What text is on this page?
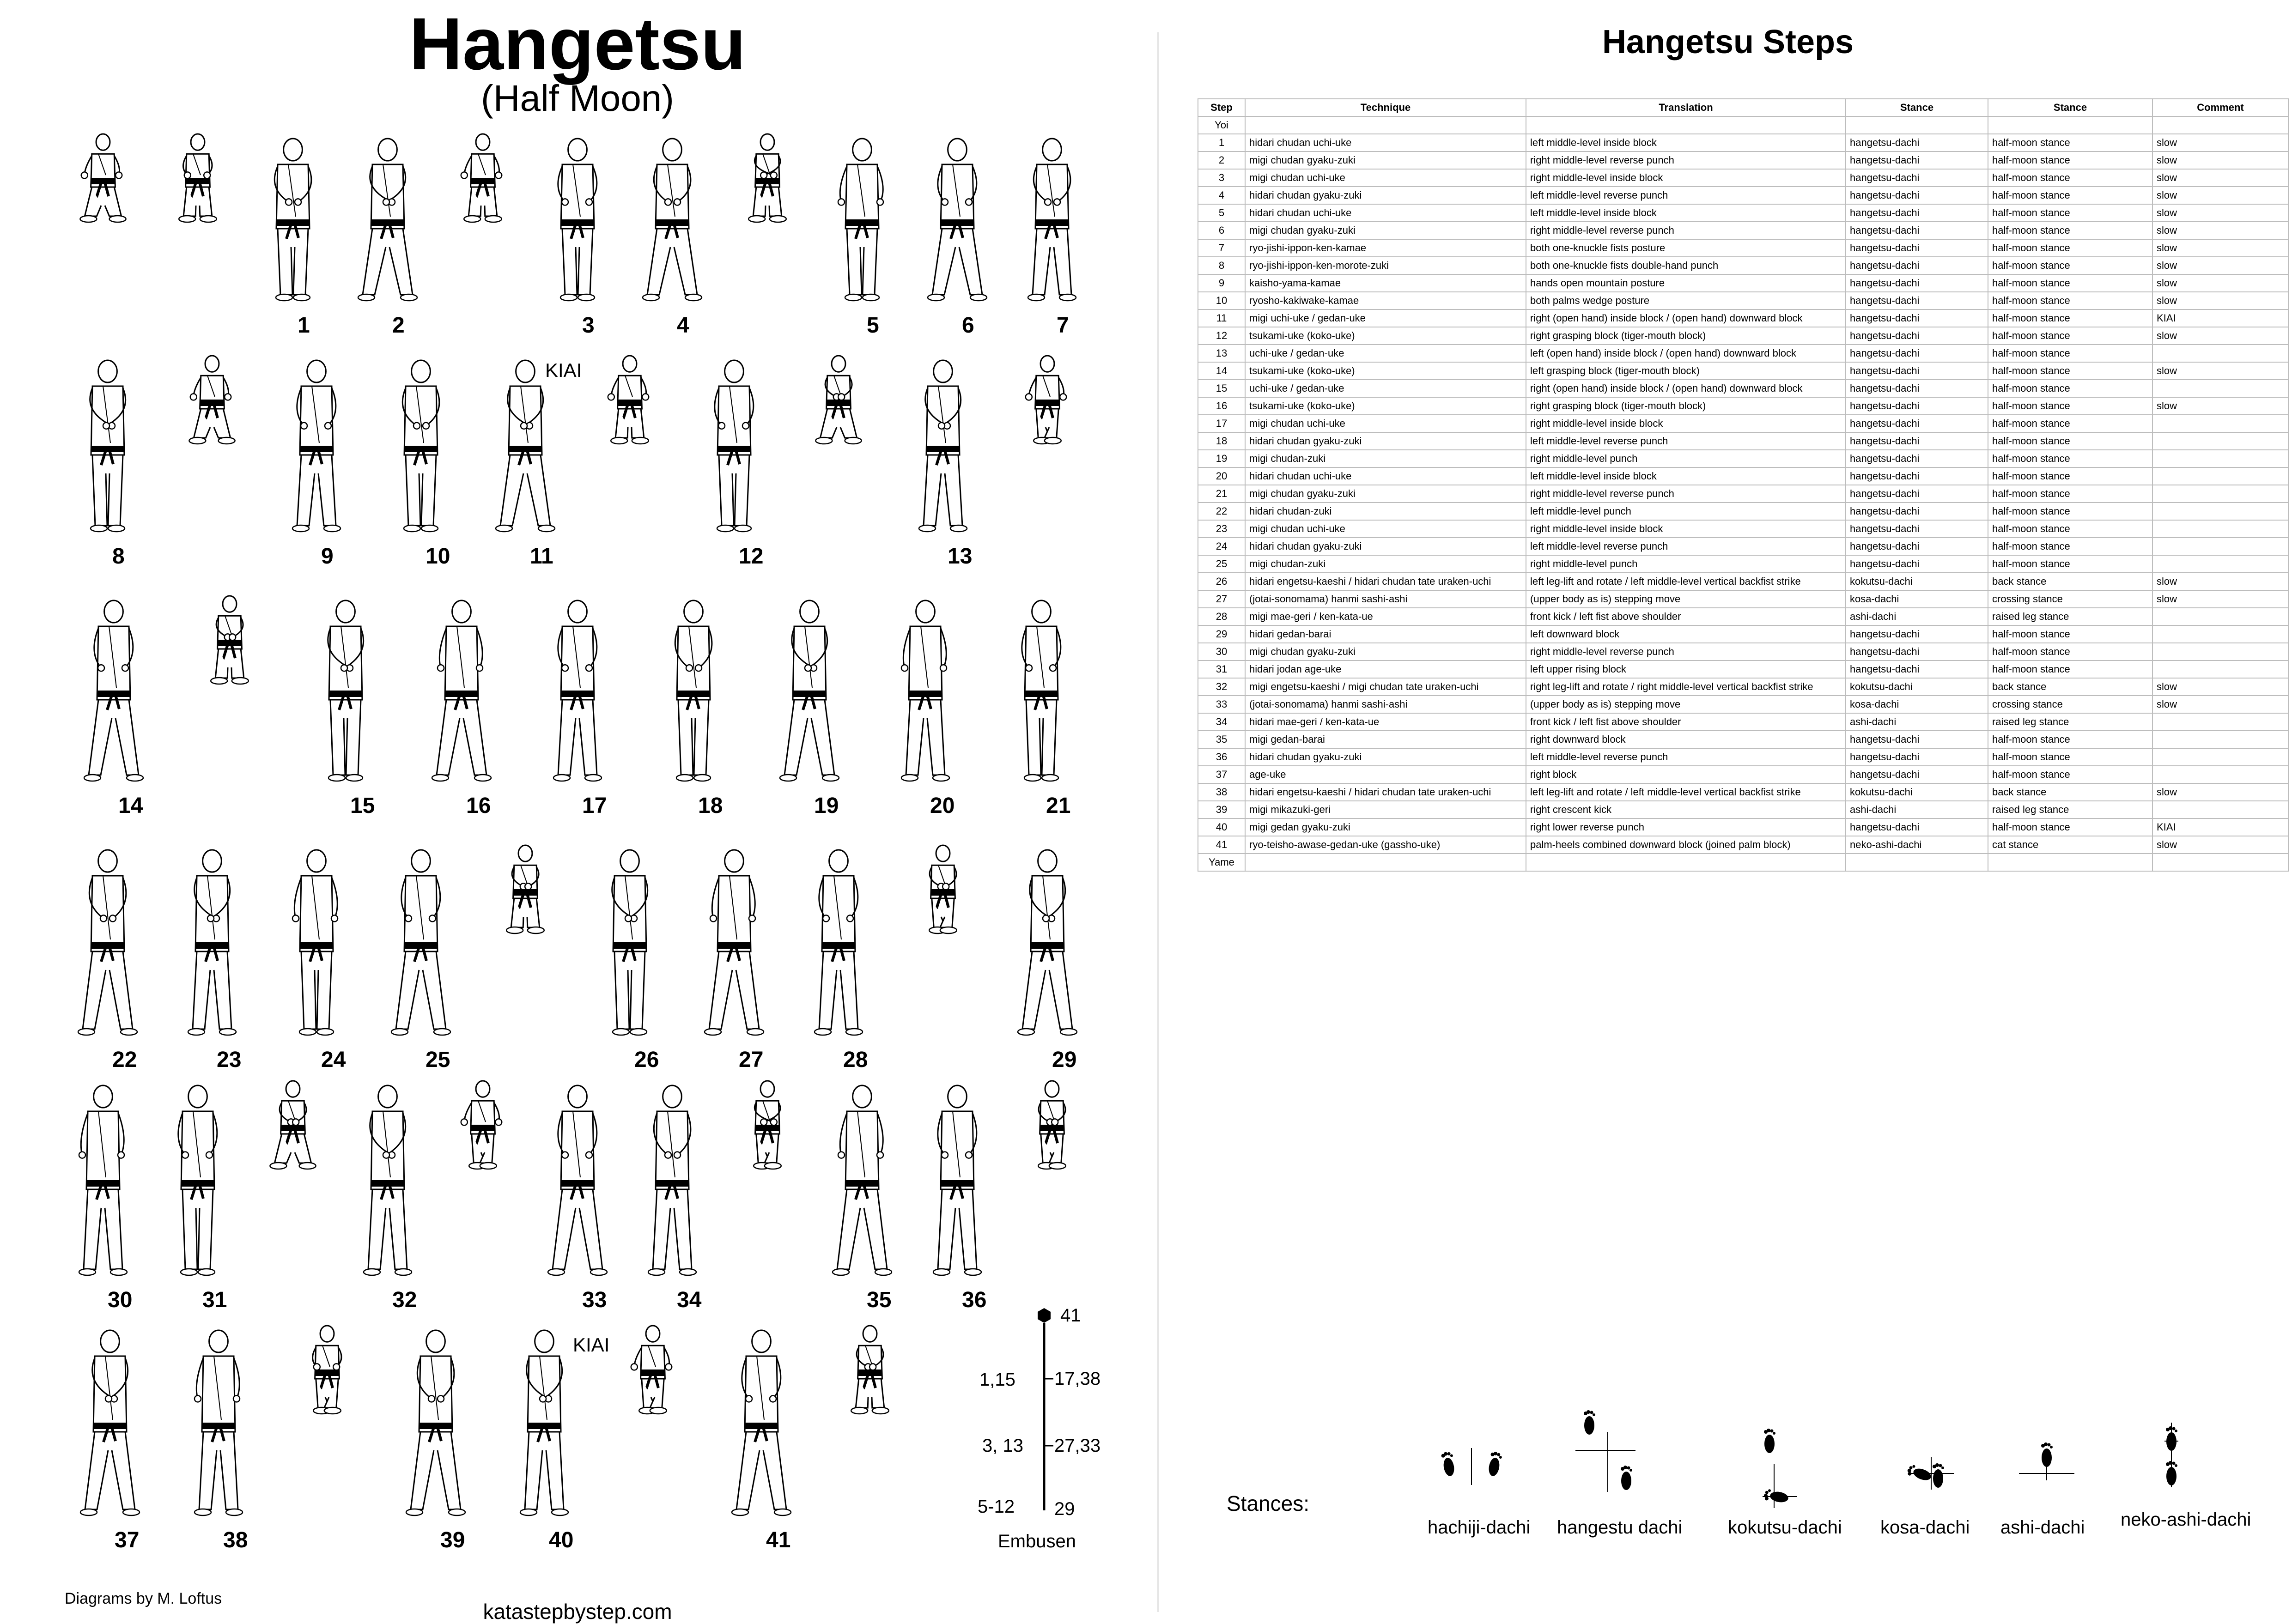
Hangetsu
(Half Moon)
1	2	3	4	5	6	7
8	9	10	11	12	13
14	15	16	17	18	19	20	21
22	23	24	25	26	27	28	29
30	31	32	33	34	35	36
37	38	39	40	41
KIAI
KIAI
41
17,38
27,33
29
1,15
3, 13
5-12
Embusen
Diagrams by M. Loftus
katastepbystep.com
Hangetsu Steps
Step	Technique	Translation	Stance	Stance	Comment
Yoi					
1	hidari chudan uchi-uke	left middle-level inside block	hangetsu-dachi	half-moon stance	slow
2	migi chudan gyaku-zuki	right middle-level reverse punch	hangetsu-dachi	half-moon stance	slow
3	migi chudan uchi-uke	right middle-level inside block	hangetsu-dachi	half-moon stance	slow
4	hidari chudan gyaku-zuki	left middle-level reverse punch	hangetsu-dachi	half-moon stance	slow
5	hidari chudan uchi-uke	left middle-level inside block	hangetsu-dachi	half-moon stance	slow
6	migi chudan gyaku-zuki	right middle-level reverse punch	hangetsu-dachi	half-moon stance	slow
7	ryo-jishi-ippon-ken-kamae	both one-knuckle fists posture	hangetsu-dachi	half-moon stance	slow
8	ryo-jishi-ippon-ken-morote-zuki	both one-knuckle fists double-hand punch	hangetsu-dachi	half-moon stance	slow
9	kaisho-yama-kamae	hands open mountain posture	hangetsu-dachi	half-moon stance	slow
10	ryosho-kakiwake-kamae	both palms wedge posture	hangetsu-dachi	half-moon stance	slow
11	migi uchi-uke / gedan-uke	right (open hand) inside block / (open hand) downward block	hangetsu-dachi	half-moon stance	KIAI
12	tsukami-uke (koko-uke)	right grasping block (tiger-mouth block)	hangetsu-dachi	half-moon stance	slow
13	uchi-uke / gedan-uke	left (open hand) inside block / (open hand) downward block	hangetsu-dachi	half-moon stance	
14	tsukami-uke (koko-uke)	left grasping block (tiger-mouth block)	hangetsu-dachi	half-moon stance	slow
15	uchi-uke / gedan-uke	right (open hand) inside block / (open hand) downward block	hangetsu-dachi	half-moon stance	
16	tsukami-uke (koko-uke)	right grasping block (tiger-mouth block)	hangetsu-dachi	half-moon stance	slow
17	migi chudan uchi-uke	right middle-level inside block	hangetsu-dachi	half-moon stance	
18	hidari chudan gyaku-zuki	left middle-level reverse punch	hangetsu-dachi	half-moon stance	
19	migi chudan-zuki	right middle-level punch	hangetsu-dachi	half-moon stance	
20	hidari chudan uchi-uke	left middle-level inside block	hangetsu-dachi	half-moon stance	
21	migi chudan gyaku-zuki	right middle-level reverse punch	hangetsu-dachi	half-moon stance	
22	hidari chudan-zuki	left middle-level punch	hangetsu-dachi	half-moon stance	
23	migi chudan uchi-uke	right middle-level inside block	hangetsu-dachi	half-moon stance	
24	hidari chudan gyaku-zuki	left middle-level reverse punch	hangetsu-dachi	half-moon stance	
25	migi chudan-zuki	right middle-level punch	hangetsu-dachi	half-moon stance	
26	hidari engetsu-kaeshi / hidari chudan tate uraken-uchi	left leg-lift and rotate / left middle-level vertical backfist strike	kokutsu-dachi	back stance	slow
27	(jotai-sonomama) hanmi sashi-ashi	(upper body as is) stepping move	kosa-dachi	crossing stance	slow
28	migi mae-geri / ken-kata-ue	front kick / left fist above shoulder	ashi-dachi	raised leg stance	
29	hidari gedan-barai	left downward block	hangetsu-dachi	half-moon stance	
30	migi chudan gyaku-zuki	right middle-level reverse punch	hangetsu-dachi	half-moon stance	
31	hidari jodan age-uke	left upper rising block	hangetsu-dachi	half-moon stance	
32	migi engetsu-kaeshi / migi chudan tate uraken-uchi	right leg-lift and rotate / right middle-level vertical backfist strike	kokutsu-dachi	back stance	slow
33	(jotai-sonomama) hanmi sashi-ashi	(upper body as is) stepping move	kosa-dachi	crossing stance	slow
34	hidari mae-geri / ken-kata-ue	front kick / left fist above shoulder	ashi-dachi	raised leg stance	
35	migi gedan-barai	right downward block	hangetsu-dachi	half-moon stance	
36	hidari chudan gyaku-zuki	left middle-level reverse punch	hangetsu-dachi	half-moon stance	
37	age-uke	right block	hangetsu-dachi	half-moon stance	
38	hidari engetsu-kaeshi / hidari chudan tate uraken-uchi	left leg-lift and rotate / left middle-level vertical backfist strike	kokutsu-dachi	back stance	slow
39	migi mikazuki-geri	right crescent kick	ashi-dachi	raised leg stance	
40	migi gedan gyaku-zuki	right lower reverse punch	hangetsu-dachi	half-moon stance	KIAI
41	ryo-teisho-awase-gedan-uke (gassho-uke)	palm-heels combined downward block (joined palm block)	neko-ashi-dachi	cat stance	slow
Yame					
Stances:
hachiji-dachi hangestu dachi kokutsu-dachi kosa-dachi ashi-dachi neko-ashi-dachi
